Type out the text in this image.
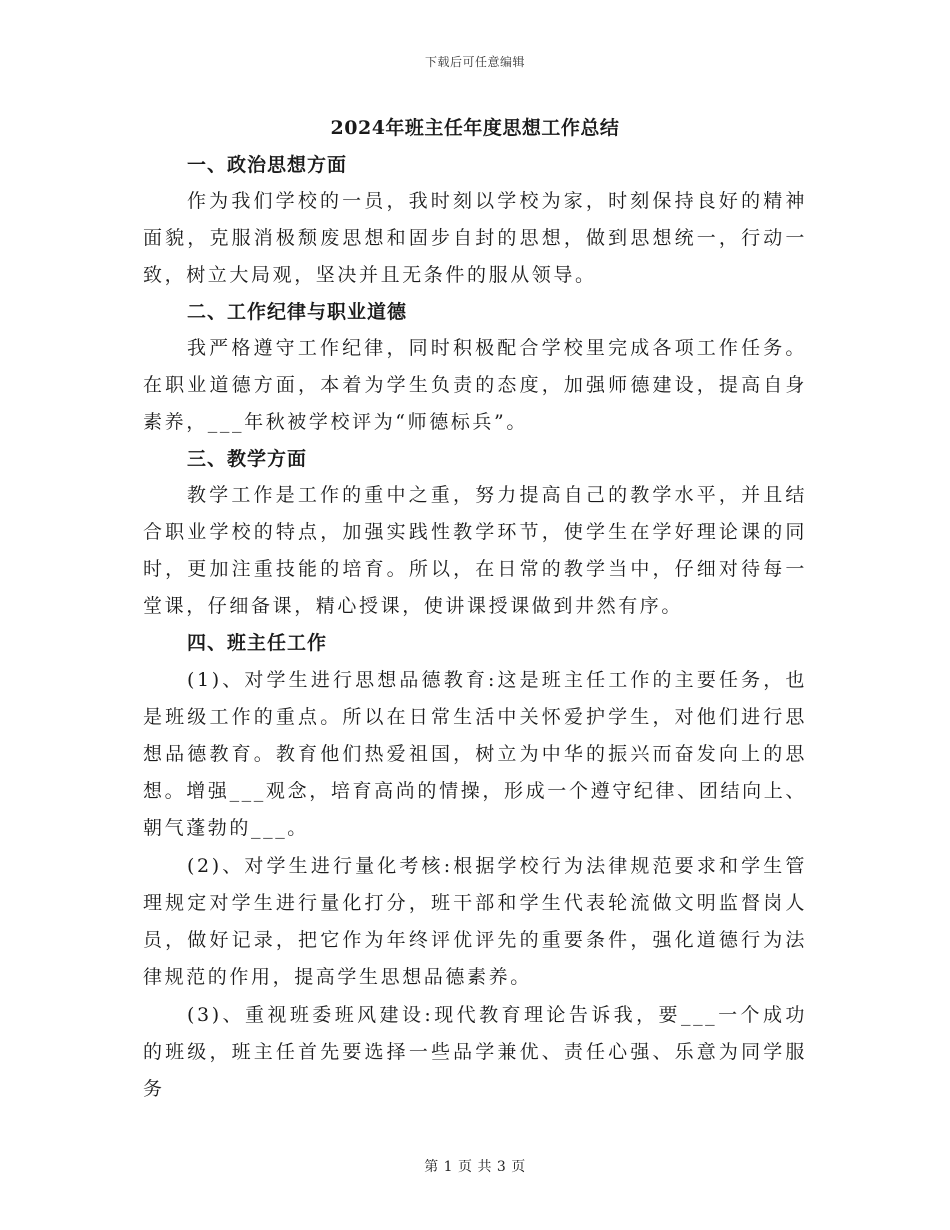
下载后可任意编辑
2024年班主任年度思想工作总结
一、政治思想方面

作为我们学校的一员，我时刻以学校为家，时刻保持良好的精神面貌，克服消极颓废思想和固步自封的思想，做到思想统一，行动一致，树立大局观，坚决并且无条件的服从领导。

二、工作纪律与职业道德

我严格遵守工作纪律，同时积极配合学校里完成各项工作任务。在职业道德方面，本着为学生负责的态度，加强师德建设，提高自身素养，___年秋被学校评为“师德标兵”。

三、教学方面

教学工作是工作的重中之重，努力提高自己的教学水平，并且结合职业学校的特点，加强实践性教学环节，使学生在学好理论课的同时，更加注重技能的培育。所以，在日常的教学当中，仔细对待每一堂课，仔细备课，精心授课，使讲课授课做到井然有序。

四、班主任工作

(1)、对学生进行思想品德教育:这是班主任工作的主要任务，也是班级工作的重点。所以在日常生活中关怀爱护学生，对他们进行思想品德教育。教育他们热爱祖国，树立为中华的振兴而奋发向上的思想。增强___观念，培育高尚的情操，形成一个遵守纪律、团结向上、朝气蓬勃的___。

(2)、对学生进行量化考核:根据学校行为法律规范要求和学生管理规定对学生进行量化打分，班干部和学生代表轮流做文明监督岗人员，做好记录，把它作为年终评优评先的重要条件，强化道德行为法律规范的作用，提高学生思想品德素养。

(3)、重视班委班风建设:现代教育理论告诉我，要___一个成功的班级，班主任首先要选择一些品学兼优、责任心强、乐意为同学服务

第 1 页 共 3 页
